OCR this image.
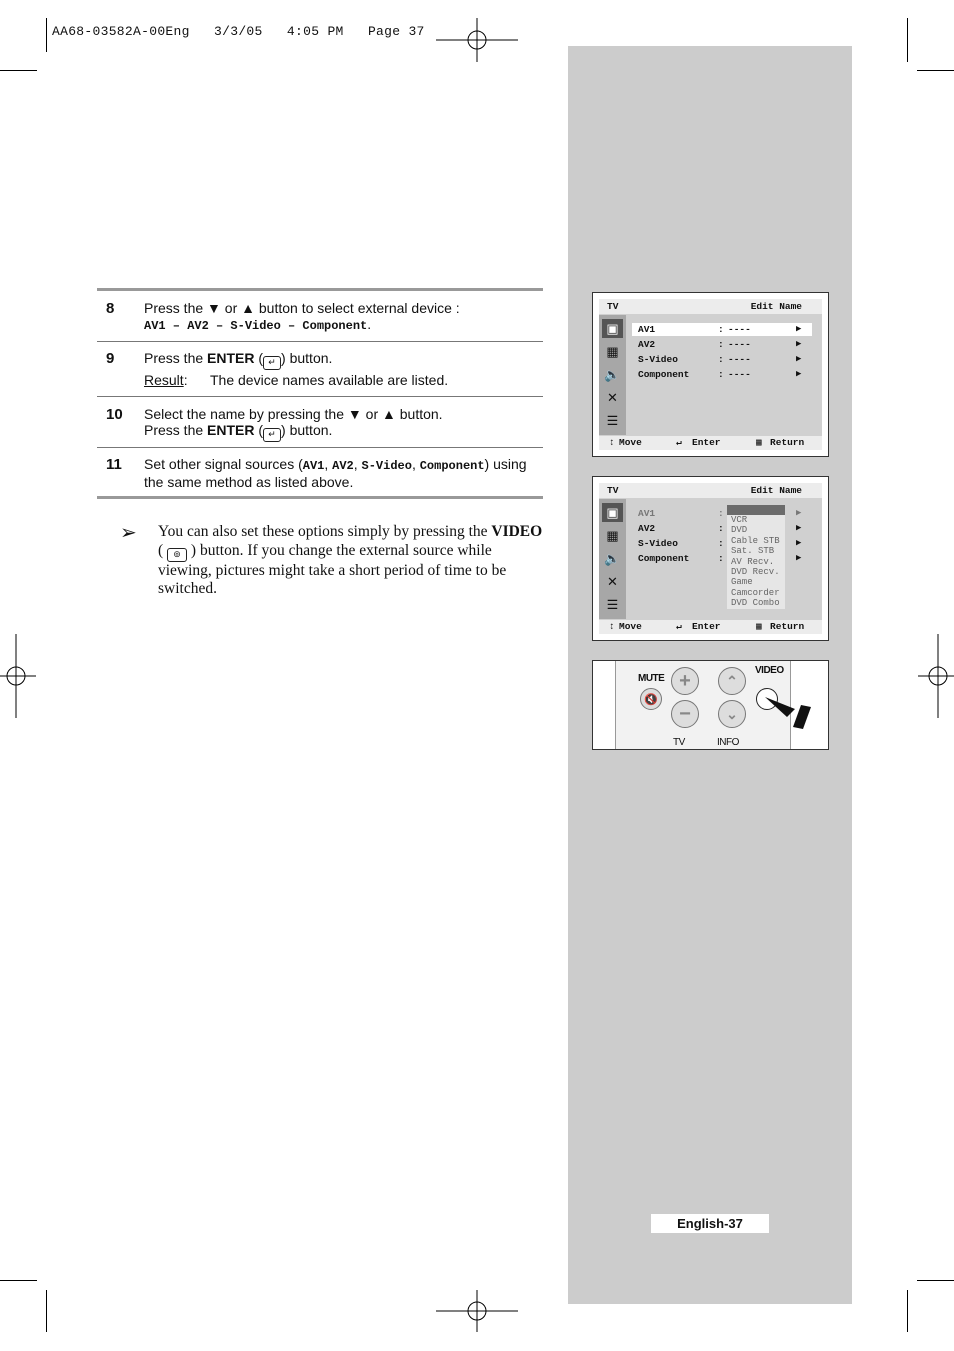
AA68-03582A-00Eng   3/3/05   4:05 PM   Page 37
8 Press the ▼ or ▲ button to select external device :
AV1 – AV2 – S-Video – Component.
9 Press the ENTER ( ↵ ) button.
Result: The device names available are listed.
10 Select the name by pressing the ▼ or ▲ button.
Press the ENTER ( ↵ ) button.
11 Set other signal sources (AV1, AV2, S-Video, Component) using
the same method as listed above.
➢ You can also set these options simply by pressing the VIDEO
( ⊚ ) button. If you change the external source while viewing, pictures might take a short period of time to be switched.
TV	Edit Name
▣
▦
🔈
✕
☰
AV1	: ----	▶
AV2	: ----	▶
S-Video	: ----	▶
Component	: ----	▶
↕ Move	↵ Enter	▦ Return
TV	Edit Name
▣
▦
🔈
✕
☰
AV1	:	▶
AV2	:	▶
S-Video	:	▶
Component	:	▶
VCR
DVD
Cable STB
Sat. STB
AV Recv.
DVD Recv.
Game
Camcorder
DVD Combo
↕ Move	↵ Enter	▦ Return
MUTE
🔇
+
−
⌃
⌄
VIDEO
TV	INFO
English-37
